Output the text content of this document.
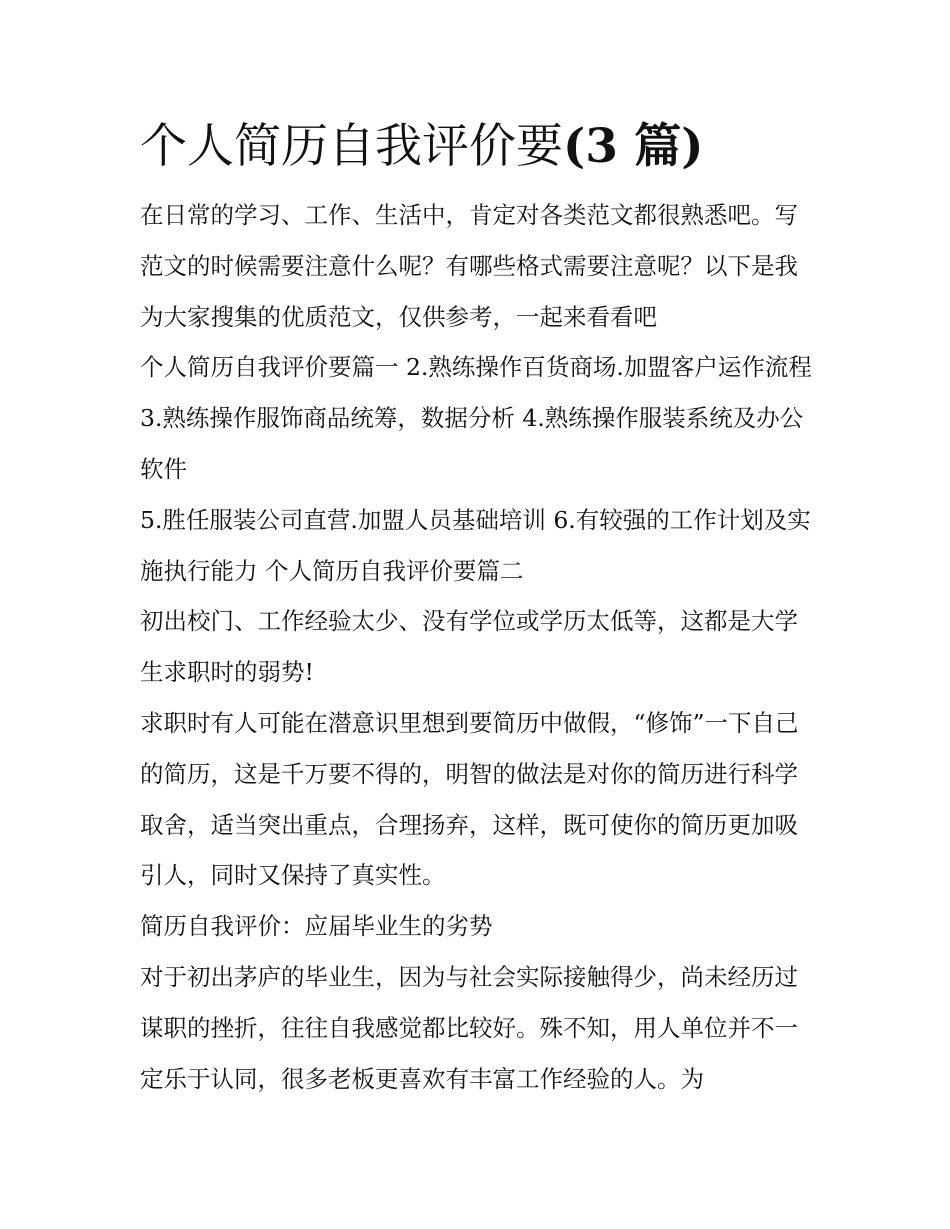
个人简历自我评价要(3 篇)

在日常的学习、工作、生活中，肯定对各类范文都很熟悉吧。写范文的时候需要注意什么呢？有哪些格式需要注意呢？以下是我为大家搜集的优质范文，仅供参考，一起来看看吧

个人简历自我评价要篇一 2.熟练操作百货商场.加盟客户运作流程 3.熟练操作服饰商品统筹，数据分析 4.熟练操作服装系统及办公软件

5.胜任服装公司直营.加盟人员基础培训 6.有较强的工作计划及实施执行能力 个人简历自我评价要篇二

初出校门、工作经验太少、没有学位或学历太低等，这都是大学生求职时的弱势!

求职时有人可能在潜意识里想到要简历中做假，“修饰”一下自己的简历，这是千万要不得的，明智的做法是对你的简历进行科学取舍，适当突出重点，合理扬弃，这样，既可使你的简历更加吸引人，同时又保持了真实性。

简历自我评价：应届毕业生的劣势

对于初出茅庐的毕业生，因为与社会实际接触得少，尚未经历过谋职的挫折，往往自我感觉都比较好。殊不知，用人单位并不一定乐于认同，很多老板更喜欢有丰富工作经验的人。为
